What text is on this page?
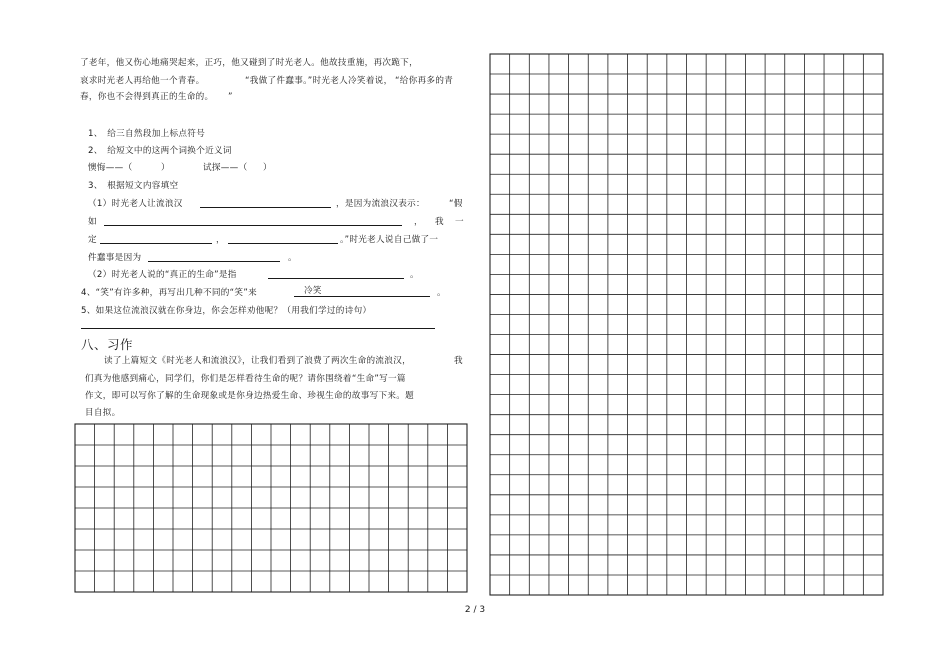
了老年，他又伤心地痛哭起来，正巧，他又碰到了时光老人。他故技重施，再次跪下，
哀求时光老人再给他一个青春。	“我做了件蠢事。”时光老人冷笑着说， “给你再多的青
春，你也不会得到真正的生命的。 ”
1、　给三自然段加上标点符号
2、　给短文中的这两个词换个近义词
懊悔——（	）	试探——（ ）
3、　根据短文内容填空
（1）时光老人让流浪汉	，是因为流浪汉表示：	“假
如	， 我 一
定	，	。”时光老人说自己做了一
件蠢事是因为	。
（2）时光老人说的“真正的生命”是指	。
4、“笑”有许多种，再写出几种不同的“笑”来	冷笑	。
5、如果这位流浪汉就在你身边，你会怎样劝他呢？（用我们学过的诗句）
八、习作
读了上篇短文《时光老人和流浪汉》，让我们看到了浪费了两次生命的流浪汉，	我
们真为他感到痛心，同学们，你们是怎样看待生命的呢？请你围绕着“生命”写一篇
作文，即可以写你了解的生命现象或是你身边热爱生命、珍视生命的故事写下来。题
目自拟。
2 / 3
